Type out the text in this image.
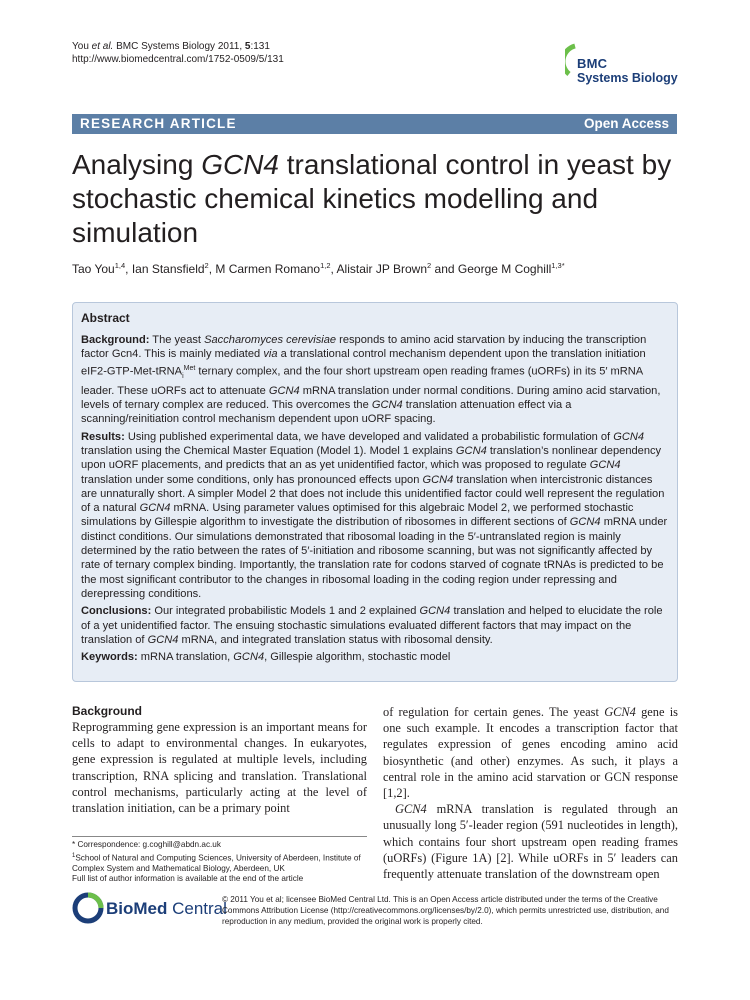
You et al. BMC Systems Biology 2011, 5:131
http://www.biomedcentral.com/1752-0509/5/131	BMC
Systems Biology
RESEARCH ARTICLE	Open Access
Analysing GCN4 translational control in yeast by stochastic chemical kinetics modelling and simulation
Tao You$^{1,4}$, Ian Stansfield$^2$, M Carmen Romano$^{1,2}$, Alistair JP Brown$^2$ and George M Coghill$^{1,3*}$
Abstract

Background: The yeast Saccharomyces cerevisiae responds to amino acid starvation by inducing the transcription factor Gcn4. This is mainly mediated via a translational control mechanism dependent upon the translation initiation eIF2-GTP-Met-tRNA$_i^{Met}$ ternary complex, and the four short upstream open reading frames (uORFs) in its 5′ mRNA leader. These uORFs act to attenuate GCN4 mRNA translation under normal conditions. During amino acid starvation, levels of ternary complex are reduced. This overcomes the GCN4 translation attenuation effect via a scanning/reinitiation control mechanism dependent upon uORF spacing.

Results: Using published experimental data, we have developed and validated a probabilistic formulation of GCN4 translation using the Chemical Master Equation (Model 1). Model 1 explains GCN4 translation’s nonlinear dependency upon uORF placements, and predicts that an as yet unidentified factor, which was proposed to regulate GCN4 translation under some conditions, only has pronounced effects upon GCN4 translation when intercistronic distances are unnaturally short. A simpler Model 2 that does not include this unidentified factor could well represent the regulation of a natural GCN4 mRNA. Using parameter values optimised for this algebraic Model 2, we performed stochastic simulations by Gillespie algorithm to investigate the distribution of ribosomes in different sections of GCN4 mRNA under distinct conditions. Our simulations demonstrated that ribosomal loading in the 5′-untranslated region is mainly determined by the ratio between the rates of 5′-initiation and ribosome scanning, but was not significantly affected by rate of ternary complex binding. Importantly, the translation rate for codons starved of cognate tRNAs is predicted to be the most significant contributor to the changes in ribosomal loading in the coding region under repressing and derepressing conditions.

Conclusions: Our integrated probabilistic Models 1 and 2 explained GCN4 translation and helped to elucidate the role of a yet unidentified factor. The ensuing stochastic simulations evaluated different factors that may impact on the translation of GCN4 mRNA, and integrated translation status with ribosomal density.

Keywords: mRNA translation, GCN4, Gillespie algorithm, stochastic model

Background

Reprogramming gene expression is an important means for cells to adapt to environmental changes. In eukaryotes, gene expression is regulated at multiple levels, including transcription, RNA splicing and translation. Translational control mechanisms, particularly acting at the level of translation initiation, can be a primary point

of regulation for certain genes. The yeast GCN4 gene is one such example. It encodes a transcription factor that regulates expression of genes encoding amino acid biosynthetic (and other) enzymes. As such, it plays a central role in the amino acid starvation or GCN response [1,2].

GCN4 mRNA translation is regulated through an unusually long 5′-leader region (591 nucleotides in length), which contains four short upstream open reading frames (uORFs) (Figure 1A) [2]. While uORFs in 5′ leaders can frequently attenuate translation of the downstream open

* Correspondence: g.coghill@abdn.ac.uk
$^1$School of Natural and Computing Sciences, University of Aberdeen, Institute of Complex System and Mathematical Biology, Aberdeen, UK
Full list of author information is available at the end of the article
BioMed Central
© 2011 You et al; licensee BioMed Central Ltd. This is an Open Access article distributed under the terms of the Creative Commons Attribution License (http://creativecommons.org/licenses/by/2.0), which permits unrestricted use, distribution, and reproduction in any medium, provided the original work is properly cited.
